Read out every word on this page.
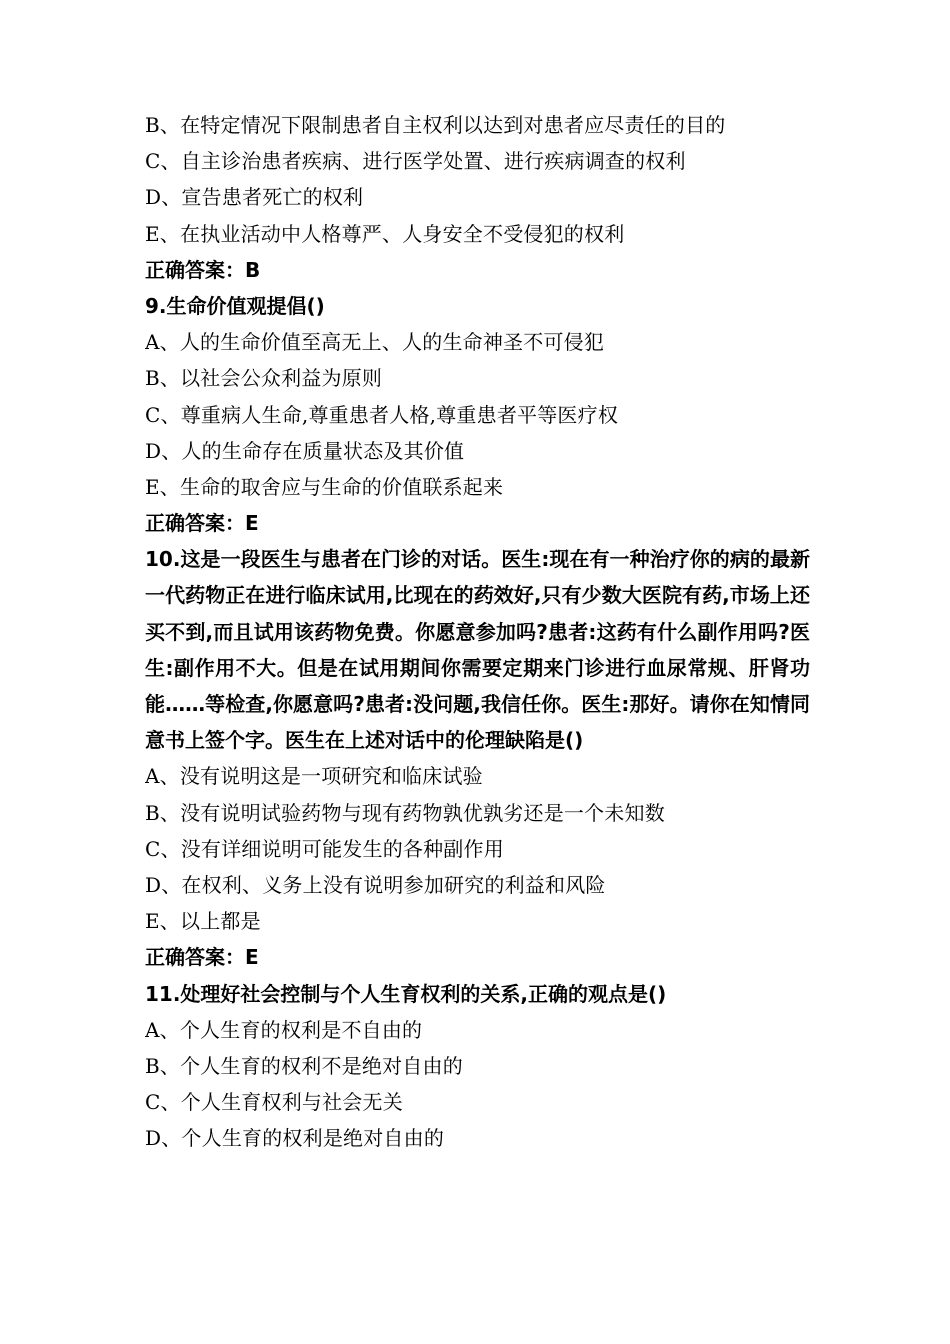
B、在特定情况下限制患者自主权利以达到对患者应尽责任的目的
C、自主诊治患者疾病、进行医学处置、进行疾病调查的权利
D、宣告患者死亡的权利
E、在执业活动中人格尊严、人身安全不受侵犯的权利
正确答案：B
9.生命价值观提倡()
A、人的生命价值至高无上、人的生命神圣不可侵犯
B、以社会公众利益为原则
C、尊重病人生命,尊重患者人格,尊重患者平等医疗权
D、人的生命存在质量状态及其价值
E、生命的取舍应与生命的价值联系起来
正确答案：E
10.这是一段医生与患者在门诊的对话。医生:现在有一种治疗你的病的最新一代药物正在进行临床试用,比现在的药效好,只有少数大医院有药,市场上还买不到,而且试用该药物免费。你愿意参加吗?患者:这药有什么副作用吗?医生:副作用不大。但是在试用期间你需要定期来门诊进行血尿常规、肝肾功能……等检查,你愿意吗?患者:没问题,我信任你。医生:那好。请你在知情同意书上签个字。医生在上述对话中的伦理缺陷是()
A、没有说明这是一项研究和临床试验
B、没有说明试验药物与现有药物孰优孰劣还是一个未知数
C、没有详细说明可能发生的各种副作用
D、在权利、义务上没有说明参加研究的利益和风险
E、以上都是
正确答案：E
11.处理好社会控制与个人生育权利的关系,正确的观点是()
A、个人生育的权利是不自由的
B、个人生育的权利不是绝对自由的
C、个人生育权利与社会无关
D、个人生育的权利是绝对自由的
